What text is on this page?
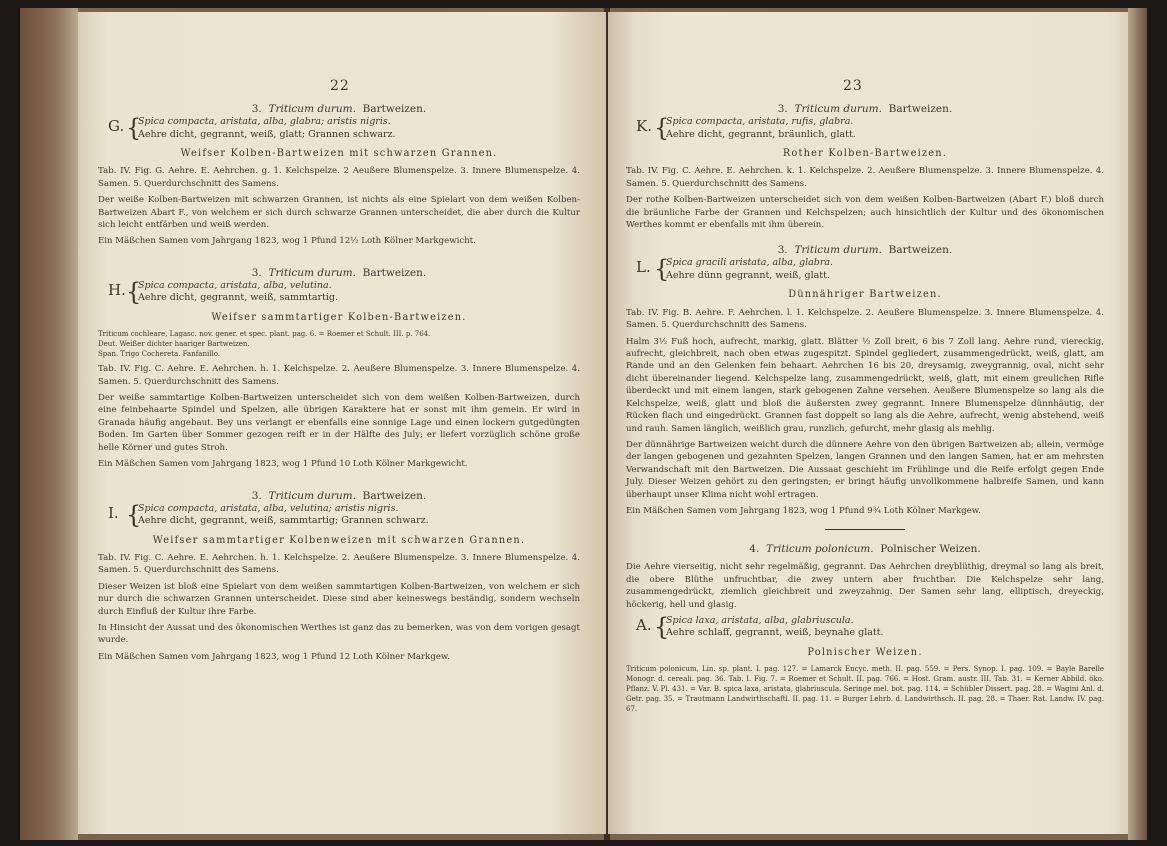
22
3. Triticum durum. Bartweizen.
G. {
Spica compacta, aristata, alba, glabra; aristis nigris.
Aehre dicht, gegrannt, weiß, glatt; Grannen schwarz.
Weifser Kolben-Bartweizen mit schwarzen Grannen.

Tab. IV. Fig. G. Aehre. E. Aehrchen. g. 1. Kelchspelze. 2 Aeußere Blumenspelze. 3. Innere Blumenspelze. 4. Samen. 5. Querdurchschnitt des Samens.

Der weiße Kolben-Bartweizen mit schwarzen Grannen, ist nichts als eine Spielart von dem weißen Kolben-Bartweizen Abart F., von welchem er sich durch schwarze Grannen unterscheidet, die aber durch die Kultur sich leicht entfärben und weiß werden.

Ein Mäßchen Samen vom Jahrgang 1823, wog 1 Pfund 12½ Loth Kölner Markgewicht.

3. Triticum durum. Bartweizen.
H. {
Spica compacta, aristata, alba, velutina.
Aehre dicht, gegrannt, weiß, sammtartig.
Weifser sammtartiger Kolben-Bartweizen.
Triticum cochleare, Lagasc. nov. gener. et spec. plant. pag. 6. = Roemer et Schult. III. p. 764.
Deut. Weißer dichter haariger Bartweizen.
Span. Trigo Cochereta. Fanfanillo.

Tab. IV. Fig. C. Aehre. E. Aehrchen. h. 1. Kelchspelze. 2. Aeußere Blumenspelze. 3. Innere Blumenspelze. 4. Samen. 5. Querdurchschnitt des Samens.

Der weiße sammtartige Kolben-Bartweizen unterscheidet sich von dem weißen Kolben-Bartweizen, durch eine feinbehaarte Spindel und Spelzen, alle übrigen Karaktere hat er sonst mit ihm gemein. Er wird in Granada häufig angebaut. Bey uns verlangt er ebenfalls eine sonnige Lage und einen lockern gutgedüngten Boden. Im Garten über Sommer gezogen reift er in der Hälfte des July; er liefert vorzüglich schöne große helle Körner und gutes Stroh.

Ein Mäßchen Samen vom Jahrgang 1823, wog 1 Pfund 10 Loth Kölner Markgewicht.

3. Triticum durum. Bartweizen.
I. {
Spica compacta, aristata, alba, velutina; aristis nigris.
Aehre dicht, gegrannt, weiß, sammtartig; Grannen schwarz.
Weifser sammtartiger Kolbenweizen mit schwarzen Grannen.

Tab. IV. Fig. C. Aehre. E. Aehrchen. h. 1. Kelchspelze. 2. Aeußere Blumenspelze. 3. Innere Blumenspelze. 4. Samen. 5. Querdurchschnitt des Samens.

Dieser Weizen ist bloß eine Spielart von dem weißen sammtartigen Kolben-Bartweizen, von welchem er sich nur durch die schwarzen Grannen unterscheidet. Diese sind aber keineswegs beständig, sondern wechseln durch Einfluß der Kultur ihre Farbe.

In Hinsicht der Aussat und des ökonomischen Werthes ist ganz das zu bemerken, was von dem vorigen gesagt wurde.

Ein Mäßchen Samen vom Jahrgang 1823, wog 1 Pfund 12 Loth Kölner Markgew.

23
3. Triticum durum. Bartweizen.
K. {
Spica compacta, aristata, rufis, glabra.
Aehre dicht, gegrannt, bräunlich, glatt.
Rother Kolben-Bartweizen.

Tab. IV. Fig. C. Aehre. E. Aehrchen. k. 1. Kelchspelze. 2. Aeußere Blumenspelze. 3. Innere Blumenspelze. 4. Samen. 5. Querdurchschnitt des Samens.

Der rothe Kolben-Bartweizen unterscheidet sich von dem weißen Kolben-Bartweizen (Abart F.) bloß durch die bräunliche Farbe der Grannen und Kelchspelzen; auch hinsichtlich der Kultur und des ökonomischen Werthes kommt er ebenfalls mit ihm überein.

3. Triticum durum. Bartweizen.
L. {
Spica gracili aristata, alba, glabra.
Aehre dünn gegrannt, weiß, glatt.
Dünnähriger Bartweizen.

Tab. IV. Fig. B. Aehre. F. Aehrchen. l. 1. Kelchspelze. 2. Aeußere Blumenspelze. 3. Innere Blumenspelze. 4. Samen. 5. Querdurchschnitt des Samens.

Halm 3½ Fuß hoch, aufrecht, markig, glatt. Blätter ½ Zoll breit, 6 bis 7 Zoll lang. Aehre rund, viereckig, aufrecht, gleichbreit, nach oben etwas zugespitzt. Spindel gegliedert, zusammengedrückt, weiß, glatt, am Rande und an den Gelenken fein behaart. Aehrchen 16 bis 20, dreysamig, zweygrannig, oval, nicht sehr dicht übereinander liegend. Kelchspelze lang, zusammengedrückt, weiß, glatt, mit einem greulichen Rifle überdeckt und mit einem langen, stark gebogenen Zahne versehen. Aeußere Blumenspelze so lang als die Kelchspelze, weiß, glatt und bloß die äußersten zwey gegrannt. Innere Blumenspelze dünnhäutig, der Rücken flach und eingedrückt. Grannen fast doppelt so lang als die Aehre, aufrecht, wenig abstehend, weiß und rauh. Samen länglich, weißlich grau, runzlich, gefurcht, mehr glasig als mehlig.

Der dünnährige Bartweizen weicht durch die dünnere Aehre von den übrigen Bartweizen ab; allein, vermöge der langen gebogenen und gezahnten Spelzen, langen Grannen und den langen Samen, hat er am mehrsten Verwandschaft mit den Bartweizen. Die Aussaat geschieht im Frühlinge und die Reife erfolgt gegen Ende July. Dieser Weizen gehört zu den geringsten; er bringt häufig unvollkommene halbreife Samen, und kann überhaupt unser Klima nicht wohl ertragen.

Ein Mäßchen Samen vom Jahrgang 1823, wog 1 Pfund 9¾ Loth Kölner Markgew.

4. Triticum polonicum. Polnischer Weizen.

Die Aehre vierseitig, nicht sehr regelmäßig, gegrannt. Das Aehrchen dreyblüthig, dreymal so lang als breit, die obere Blüthe unfruchtbar, die zwey untern aber fruchtbar. Die Kelchspelze sehr lang, zusammengedrückt, ziemlich gleichbreit und zweyzahnig. Der Samen sehr lang, elliptisch, dreyeckig, höckerig, hell und glasig.

A. {
Spica laxa, aristata, alba, glabriuscula.
Aehre schlaff, gegrannt, weiß, beynahe glatt.
Polnischer Weizen.
Triticum polonicum, Lin. sp. plant. I. pag. 127. = Lamarck Encyc. meth. II. pag. 559. = Pers. Synop. I. pag. 109. = Bayle Barelle Monogr. d. cereali. pag. 36. Tab. I. Fig. 7. = Roemer et Schult. II. pag. 766. = Host. Gram. austr. III. Tab. 31. = Kerner Abbild. öko. Pflanz. V. Pl. 431. = Var. B. spica laxa, aristata, glabriuscula. Seringe mel. bot. pag. 114. = Schübler Dissert. pag. 28. = Wagini Anl. d. Getr. pag. 35. = Trautmann Landwirthschaftl. II. pag. 11. = Burger Lehrb. d. Landwirthsch. II. pag. 28. = Thaer. Rat. Landw. IV. pag. 67.
